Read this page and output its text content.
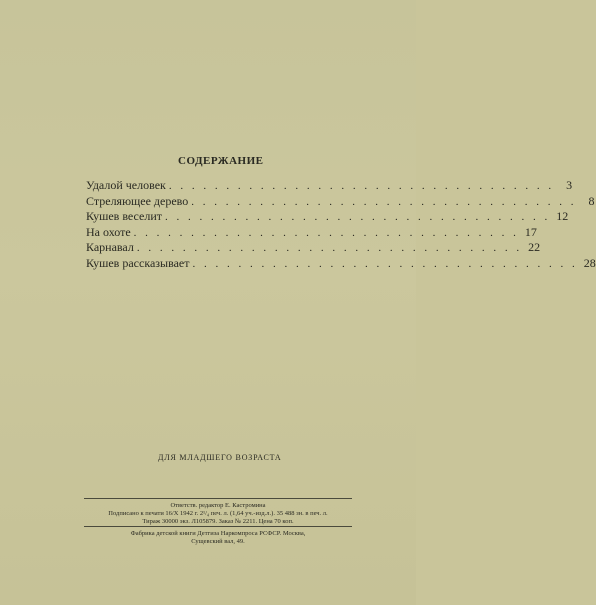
СОДЕРЖАНИЕ
Удалой человек . . . . . . . . . . . . . . . . . . . . . . . . . . . . . . . . . .	3
Стреляющее дерево . . . . . . . . . . . . . . . . . . . . . . . . . . . . . . . . . .	8
Кушев веселит . . . . . . . . . . . . . . . . . . . . . . . . . . . . . . . . . . 12
На охоте . . . . . . . . . . . . . . . . . . . . . . . . . . . . . . . . . . 17
Карнавал . . . . . . . . . . . . . . . . . . . . . . . . . . . . . . . . . . 22
Кушев рассказывает . . . . . . . . . . . . . . . . . . . . . . . . . . . . . . . . . . 28
ДЛЯ МЛАДШЕГО ВОЗРАСТА
Ответств. редактор Е. Кастромина
Подписано к печати 16/X 1942 г. 2¹/₄ печ. л. (1,64 уч.-изд.л.). 35 488 зн. в печ. л.
Тираж 30000 экз. Л105879. Заказ № 2211. Цена 70 коп.
Фабрика детской книги Детгиза Наркомпроса РСФСР. Москва,
Сущевский вал, 49.
